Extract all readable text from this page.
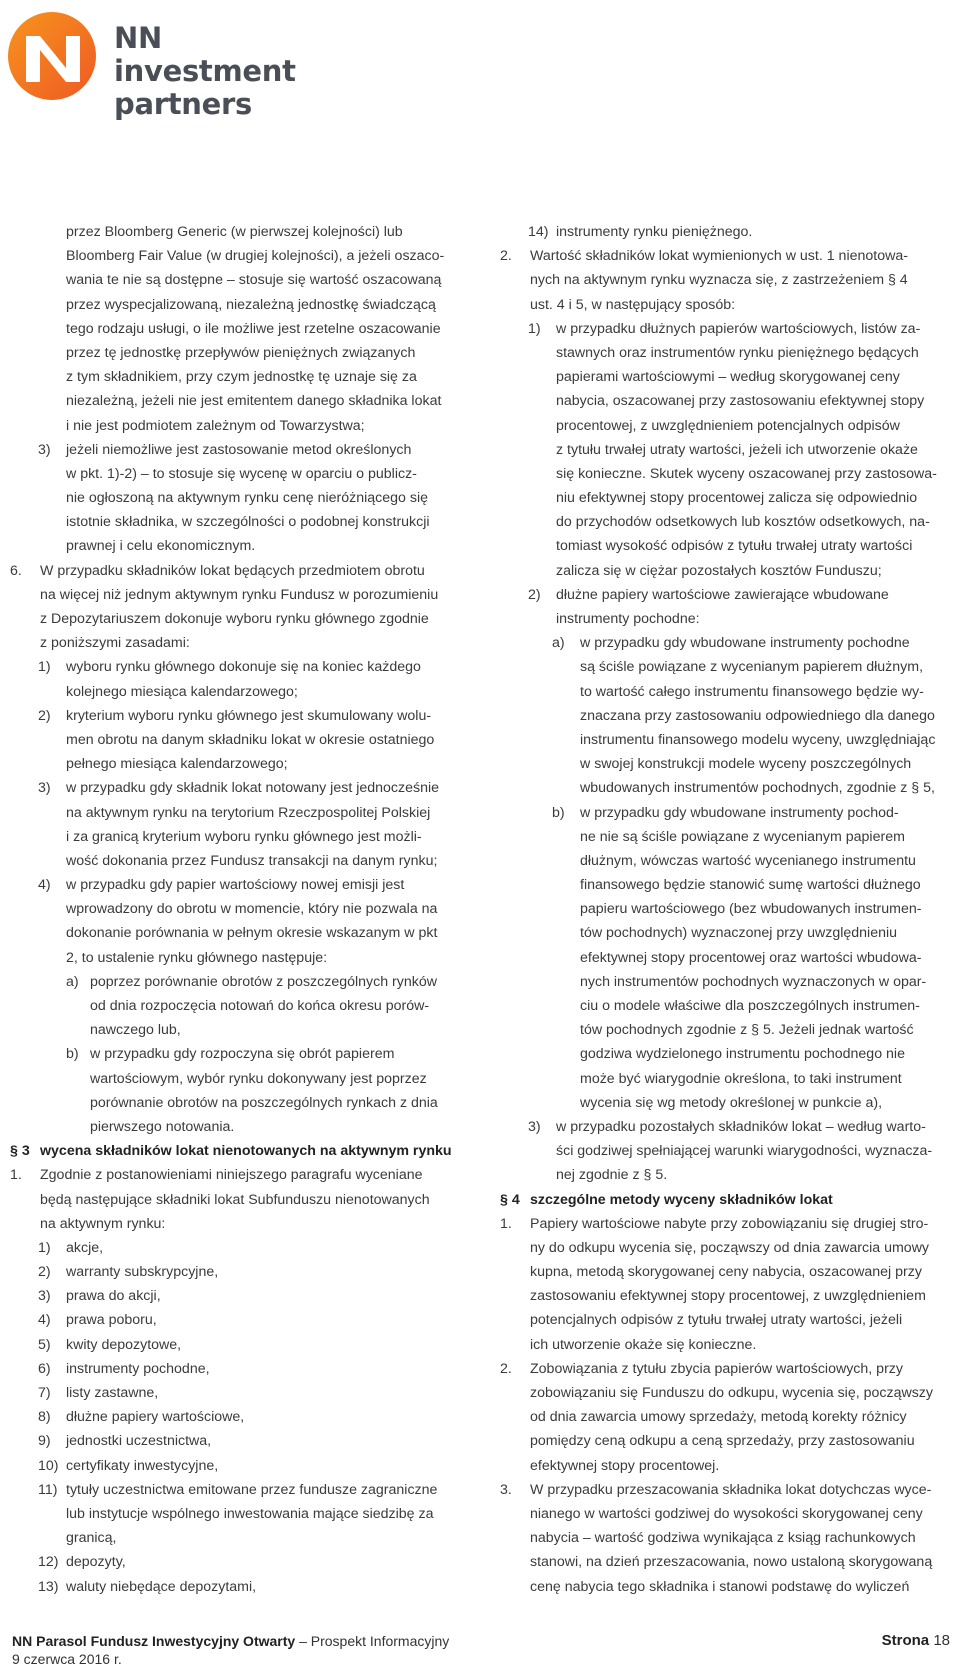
NN investment
partners
przez Bloomberg Generic (w pierwszej kolejności) lub
Bloomberg Fair Value (w drugiej kolejności), a jeżeli oszaco-
wania te nie są dostępne – stosuje się wartość oszacowaną
przez wyspecjalizowaną, niezależną jednostkę świadczącą
tego rodzaju usługi, o ile możliwe jest rzetelne oszacowanie
przez tę jednostkę przepływów pieniężnych związanych
z tym składnikiem, przy czym jednostkę tę uznaje się za
niezależną, jeżeli nie jest emitentem danego składnika lokat
i nie jest podmiotem zależnym od Towarzystwa;
3) jeżeli niemożliwe jest zastosowanie metod określonych
w pkt. 1)-2) – to stosuje się wycenę w oparciu o publicz-
nie ogłoszoną na aktywnym rynku cenę nieróżniącego się
istotnie składnika, w szczególności o podobnej konstrukcji
prawnej i celu ekonomicznym.
6. W przypadku składników lokat będących przedmiotem obrotu
na więcej niż jednym aktywnym rynku Fundusz w porozumieniu
z Depozytariuszem dokonuje wyboru rynku głównego zgodnie
z poniższymi zasadami:
1) wyboru rynku głównego dokonuje się na koniec każdego
kolejnego miesiąca kalendarzowego;
2) kryterium wyboru rynku głównego jest skumulowany wolu-
men obrotu na danym składniku lokat w okresie ostatniego
pełnego miesiąca kalendarzowego;
3) w przypadku gdy składnik lokat notowany jest jednocześnie
na aktywnym rynku na terytorium Rzeczpospolitej Polskiej
i za granicą kryterium wyboru rynku głównego jest możli-
wość dokonania przez Fundusz transakcji na danym rynku;
4) w przypadku gdy papier wartościowy nowej emisji jest
wprowadzony do obrotu w momencie, który nie pozwala na
dokonanie porównania w pełnym okresie wskazanym w pkt
2, to ustalenie rynku głównego następuje:
a) poprzez porównanie obrotów z poszczególnych rynków
od dnia rozpoczęcia notowań do końca okresu porów-
nawczego lub,
b) w przypadku gdy rozpoczyna się obrót papierem
wartościowym, wybór rynku dokonywany jest poprzez
porównanie obrotów na poszczególnych rynkach z dnia
pierwszego notowania.
§ 3 wycena składników lokat nienotowanych na aktywnym rynku
1. Zgodnie z postanowieniami niniejszego paragrafu wyceniane
będą następujące składniki lokat Subfunduszu nienotowanych
na aktywnym rynku:
1) akcje,
2) warranty subskrypcyjne,
3) prawa do akcji,
4) prawa poboru,
5) kwity depozytowe,
6) instrumenty pochodne,
7) listy zastawne,
8) dłużne papiery wartościowe,
9) jednostki uczestnictwa,
10) certyfikaty inwestycyjne,
11) tytuły uczestnictwa emitowane przez fundusze zagraniczne
lub instytucje wspólnego inwestowania mające siedzibę za
granicą,
12) depozyty,
13) waluty niebędące depozytami,
14) instrumenty rynku pieniężnego.
2. Wartość składników lokat wymienionych w ust. 1 nienotowa-
nych na aktywnym rynku wyznacza się, z zastrzeżeniem § 4
ust. 4 i 5, w następujący sposób:
1) w przypadku dłużnych papierów wartościowych, listów za-
stawnych oraz instrumentów rynku pieniężnego będących
papierami wartościowymi – według skorygowanej ceny
nabycia, oszacowanej przy zastosowaniu efektywnej stopy
procentowej, z uwzględnieniem potencjalnych odpisów
z tytułu trwałej utraty wartości, jeżeli ich utworzenie okaże
się konieczne. Skutek wyceny oszacowanej przy zastosowa-
niu efektywnej stopy procentowej zalicza się odpowiednio
do przychodów odsetkowych lub kosztów odsetkowych, na-
tomiast wysokość odpisów z tytułu trwałej utraty wartości
zalicza się w ciężar pozostałych kosztów Funduszu;
2) dłużne papiery wartościowe zawierające wbudowane
instrumenty pochodne:
a) w przypadku gdy wbudowane instrumenty pochodne
są ściśle powiązane z wycenianym papierem dłużnym,
to wartość całego instrumentu finansowego będzie wy-
znaczana przy zastosowaniu odpowiedniego dla danego
instrumentu finansowego modelu wyceny, uwzględniając
w swojej konstrukcji modele wyceny poszczególnych
wbudowanych instrumentów pochodnych, zgodnie z § 5,
b) w przypadku gdy wbudowane instrumenty pochod-
ne nie są ściśle powiązane z wycenianym papierem
dłużnym, wówczas wartość wycenianego instrumentu
finansowego będzie stanowić sumę wartości dłużnego
papieru wartościowego (bez wbudowanych instrumen-
tów pochodnych) wyznaczonej przy uwzględnieniu
efektywnej stopy procentowej oraz wartości wbudowa-
nych instrumentów pochodnych wyznaczonych w opar-
ciu o modele właściwe dla poszczególnych instrumen-
tów pochodnych zgodnie z § 5. Jeżeli jednak wartość
godziwa wydzielonego instrumentu pochodnego nie
może być wiarygodnie określona, to taki instrument
wycenia się wg metody określonej w punkcie a),
3) w przypadku pozostałych składników lokat – według warto-
ści godziwej spełniającej warunki wiarygodności, wyznacza-
nej zgodnie z § 5.
§ 4 szczególne metody wyceny składników lokat
1. Papiery wartościowe nabyte przy zobowiązaniu się drugiej stro-
ny do odkupu wycenia się, począwszy od dnia zawarcia umowy
kupna, metodą skorygowanej ceny nabycia, oszacowanej przy
zastosowaniu efektywnej stopy procentowej, z uwzględnieniem
potencjalnych odpisów z tytułu trwałej utraty wartości, jeżeli
ich utworzenie okaże się konieczne.
2. Zobowiązania z tytułu zbycia papierów wartościowych, przy
zobowiązaniu się Funduszu do odkupu, wycenia się, począwszy
od dnia zawarcia umowy sprzedaży, metodą korekty różnicy
pomiędzy ceną odkupu a ceną sprzedaży, przy zastosowaniu
efektywnej stopy procentowej.
3. W przypadku przeszacowania składnika lokat dotychczas wyce-
nianego w wartości godziwej do wysokości skorygowanej ceny
nabycia – wartość godziwa wynikająca z ksiąg rachunkowych
stanowi, na dzień przeszacowania, nowo ustaloną skorygowaną
cenę nabycia tego składnika i stanowi podstawę do wyliczeń
NN Parasol Fundusz Inwestycyjny Otwarty – Prospekt Informacyjny
9 czerwca 2016 r.
Strona 18
